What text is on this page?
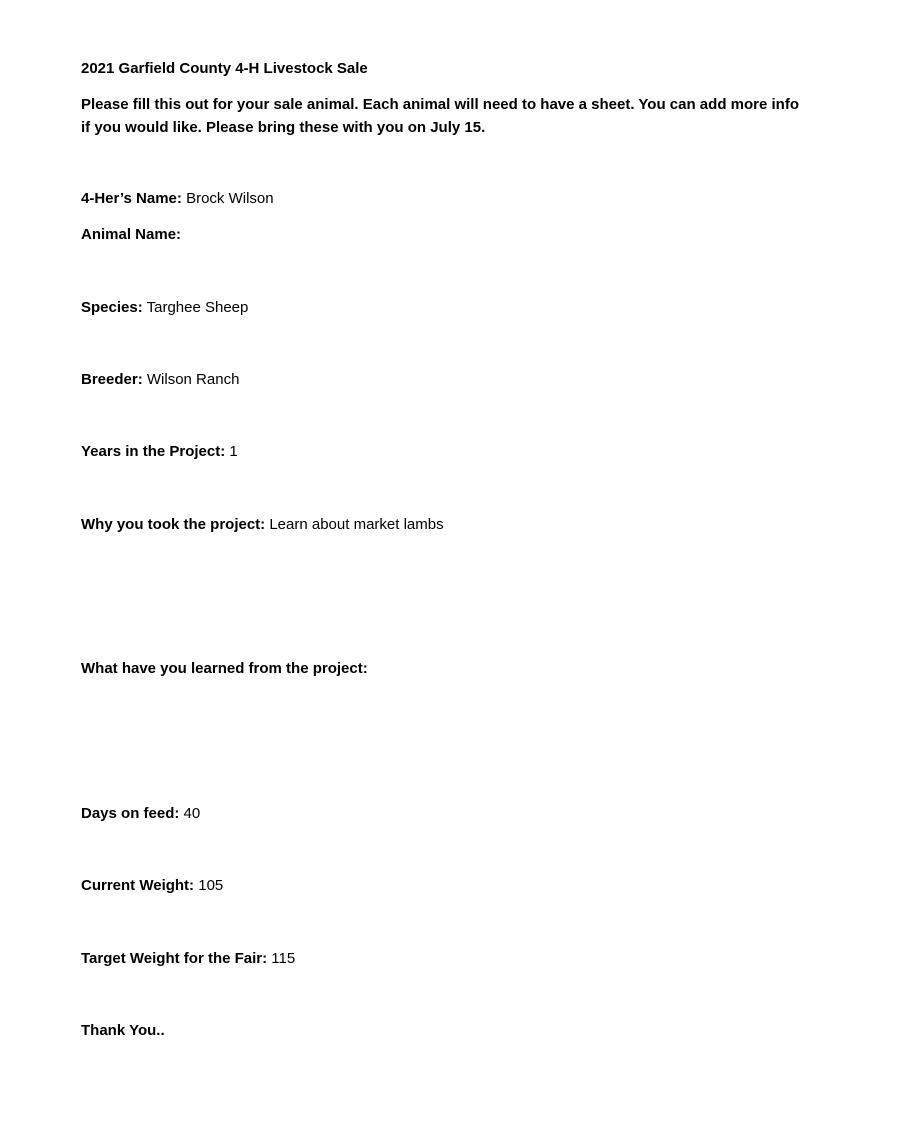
2021 Garfield County 4-H Livestock Sale
Please fill this out for your sale animal. Each animal will need to have a sheet. You can add more info
if you would like. Please bring these with you on July 15.
4-Her’s Name: Brock Wilson
Animal Name:
Species: Targhee Sheep
Breeder: Wilson Ranch
Years in the Project: 1
Why you took the project: Learn about market lambs
What have you learned from the project:
Days on feed: 40
Current Weight: 105
Target Weight for the Fair: 115
Thank You..
